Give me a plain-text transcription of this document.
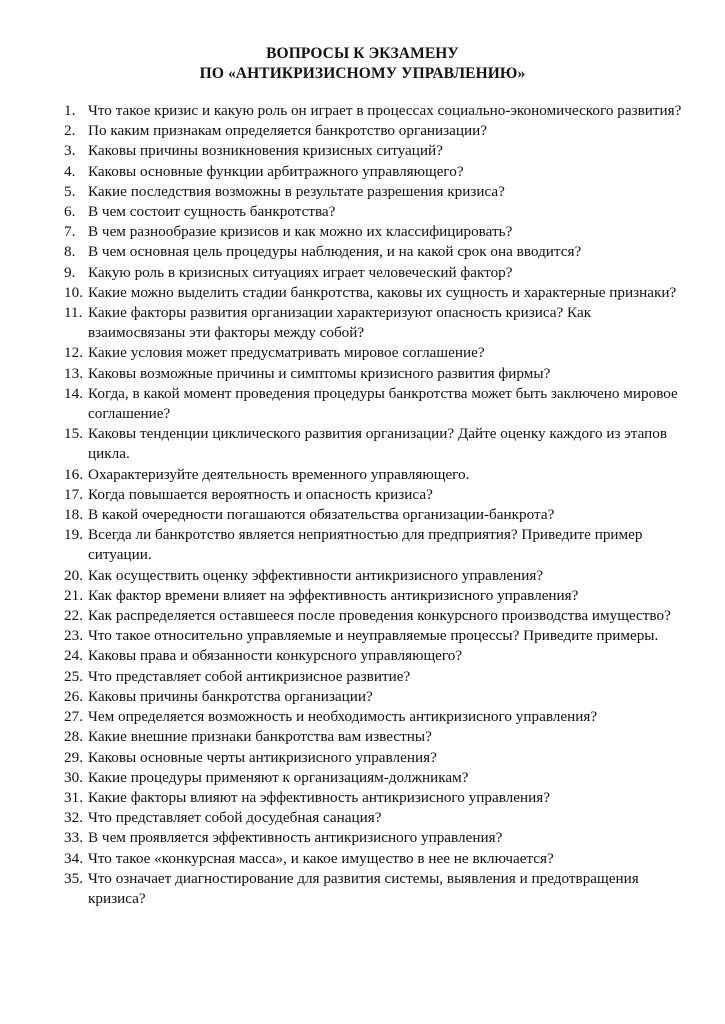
ВОПРОСЫ К ЭКЗАМЕНУ
ПО «АНТИКРИЗИСНОМУ УПРАВЛЕНИЮ»
1. Что такое кризис и какую роль он играет в процессах социально-экономического развития?
2. По каким признакам определяется банкротство организации?
3. Каковы причины возникновения кризисных ситуаций?
4. Каковы основные функции арбитражного управляющего?
5. Какие последствия возможны в результате разрешения кризиса?
6. В чем состоит сущность банкротства?
7. В чем разнообразие кризисов и как можно их классифицировать?
8. В чем основная цель процедуры наблюдения, и на какой срок она вводится?
9. Какую роль в кризисных ситуациях играет человеческий фактор?
10. Какие можно выделить стадии банкротства, каковы их сущность и характерные признаки?
11. Какие факторы развития организации характеризуют опасность кризиса? Как взаимосвязаны эти факторы между собой?
12. Какие условия может предусматривать мировое соглашение?
13. Каковы возможные причины и симптомы кризисного развития фирмы?
14. Когда, в какой момент проведения процедуры банкротства может быть заключено мировое соглашение?
15. Каковы тенденции циклического развития организации? Дайте оценку каждого из этапов цикла.
16. Охарактеризуйте деятельность временного управляющего.
17. Когда повышается вероятность и опасность кризиса?
18. В какой очередности погашаются обязательства организации-банкрота?
19. Всегда ли банкротство является неприятностью для предприятия? Приведите пример ситуации.
20. Как осуществить оценку эффективности антикризисного управления?
21. Как фактор времени влияет на эффективность антикризисного управления?
22. Как распределяется оставшееся после проведения конкурсного производства имущество?
23. Что такое относительно управляемые и неуправляемые процессы? Приведите примеры.
24. Каковы права и обязанности конкурсного управляющего?
25. Что представляет собой антикризисное развитие?
26. Каковы причины банкротства организации?
27. Чем определяется возможность и необходимость антикризисного управления?
28. Какие внешние признаки банкротства вам известны?
29. Каковы основные черты антикризисного управления?
30. Какие процедуры применяют к организациям-должникам?
31. Какие факторы влияют на эффективность антикризисного управления?
32. Что представляет собой досудебная санация?
33. В чем проявляется эффективность антикризисного управления?
34. Что такое «конкурсная масса», и какое имущество в нее не включается?
35. Что означает диагностирование для развития системы, выявления и предотвращения кризиса?
